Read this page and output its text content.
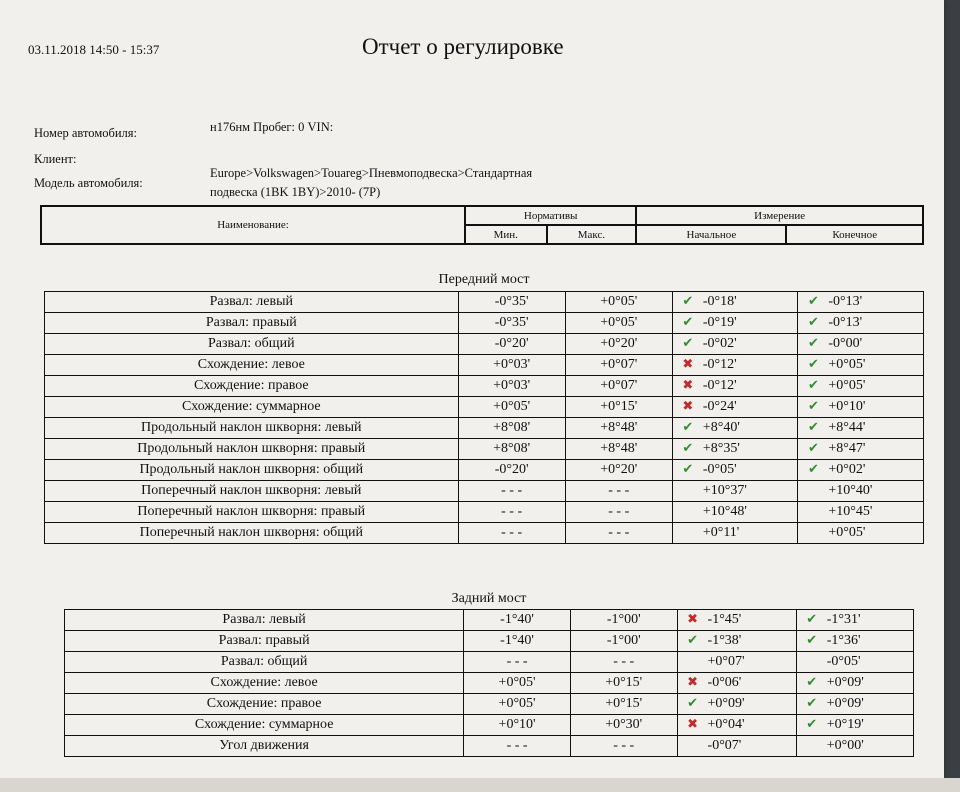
03.11.2018 14:50 - 15:37	Отчет о регулировке
Номер автомобиля:	н176нм Пробег: 0 VIN:
Клиент:
Модель автомобиля:
Europe>Volkswagen>Touareg>Пневмоподвеска>Стандартная
подвеска (1BK 1BY)>2010- (7P)
Наименование:	Нормативы		Измерение	
	Мин.	Макс.	Начальное	Конечное
Передний мост
Развал: левый	-0°35'	+0°05'	✔ -0°18'	✔ -0°13'
Развал: правый	-0°35'	+0°05'	✔ -0°19'	✔ -0°13'
Развал: общий	-0°20'	+0°20'	✔ -0°02'	✔ -0°00'
Схождение: левое	+0°03'	+0°07'	✖ -0°12'	✔ +0°05'
Схождение: правое	+0°03'	+0°07'	✖ -0°12'	✔ +0°05'
Схождение: суммарное	+0°05'	+0°15'	✖ -0°24'	✔ +0°10'
Продольный наклон шкворня: левый	+8°08'	+8°48'	✔ +8°40'	✔ +8°44'
Продольный наклон шкворня: правый	+8°08'	+8°48'	✔ +8°35'	✔ +8°47'
Продольный наклон шкворня: общий	-0°20'	+0°20'	✔ -0°05'	✔ +0°02'
Поперечный наклон шкворня: левый	- - -	- - -	+10°37'	+10°40'
Поперечный наклон шкворня: правый	- - -	- - -	+10°48'	+10°45'
Поперечный наклон шкворня: общий	- - -	- - -	+0°11'	+0°05'
Задний мост
Развал: левый	-1°40'	-1°00'	✖ -1°45'	✔ -1°31'
Развал: правый	-1°40'	-1°00'	✔ -1°38'	✔ -1°36'
Развал: общий	- - -	- - -	+0°07'	-0°05'
Схождение: левое	+0°05'	+0°15'	✖ -0°06'	✔ +0°09'
Схождение: правое	+0°05'	+0°15'	✔ +0°09'	✔ +0°09'
Схождение: суммарное	+0°10'	+0°30'	✖ +0°04'	✔ +0°19'
Угол движения	- - -	- - -	-0°07'	+0°00'
